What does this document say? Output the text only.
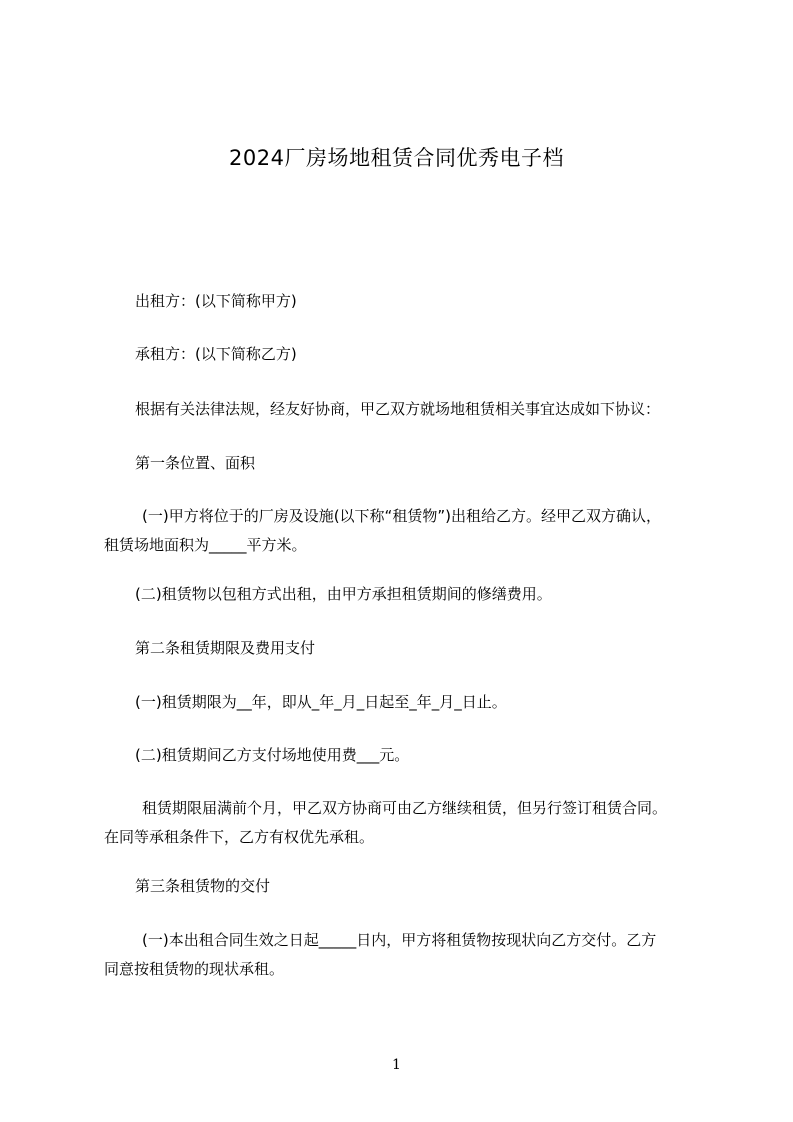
2024厂房场地租赁合同优秀电子档
出租方：(以下简称甲方)
承租方：(以下简称乙方)
根据有关法律法规，经友好协商，甲乙双方就场地租赁相关事宜达成如下协议：
第一条位置、面积
(一)甲方将位于的厂房及设施(以下称“租赁物”)出租给乙方。经甲乙双方确认，
租赁场地面积为_____平方米。
(二)租赁物以包租方式出租，由甲方承担租赁期间的修缮费用。
第二条租赁期限及费用支付
(一)租赁期限为__年，即从_年_月_日起至_年_月_日止。
(二)租赁期间乙方支付场地使用费___元。
租赁期限届满前个月，甲乙双方协商可由乙方继续租赁，但另行签订租赁合同。
在同等承租条件下，乙方有权优先承租。
第三条租赁物的交付
(一)本出租合同生效之日起_____日内，甲方将租赁物按现状向乙方交付。乙方
同意按租赁物的现状承租。
1
